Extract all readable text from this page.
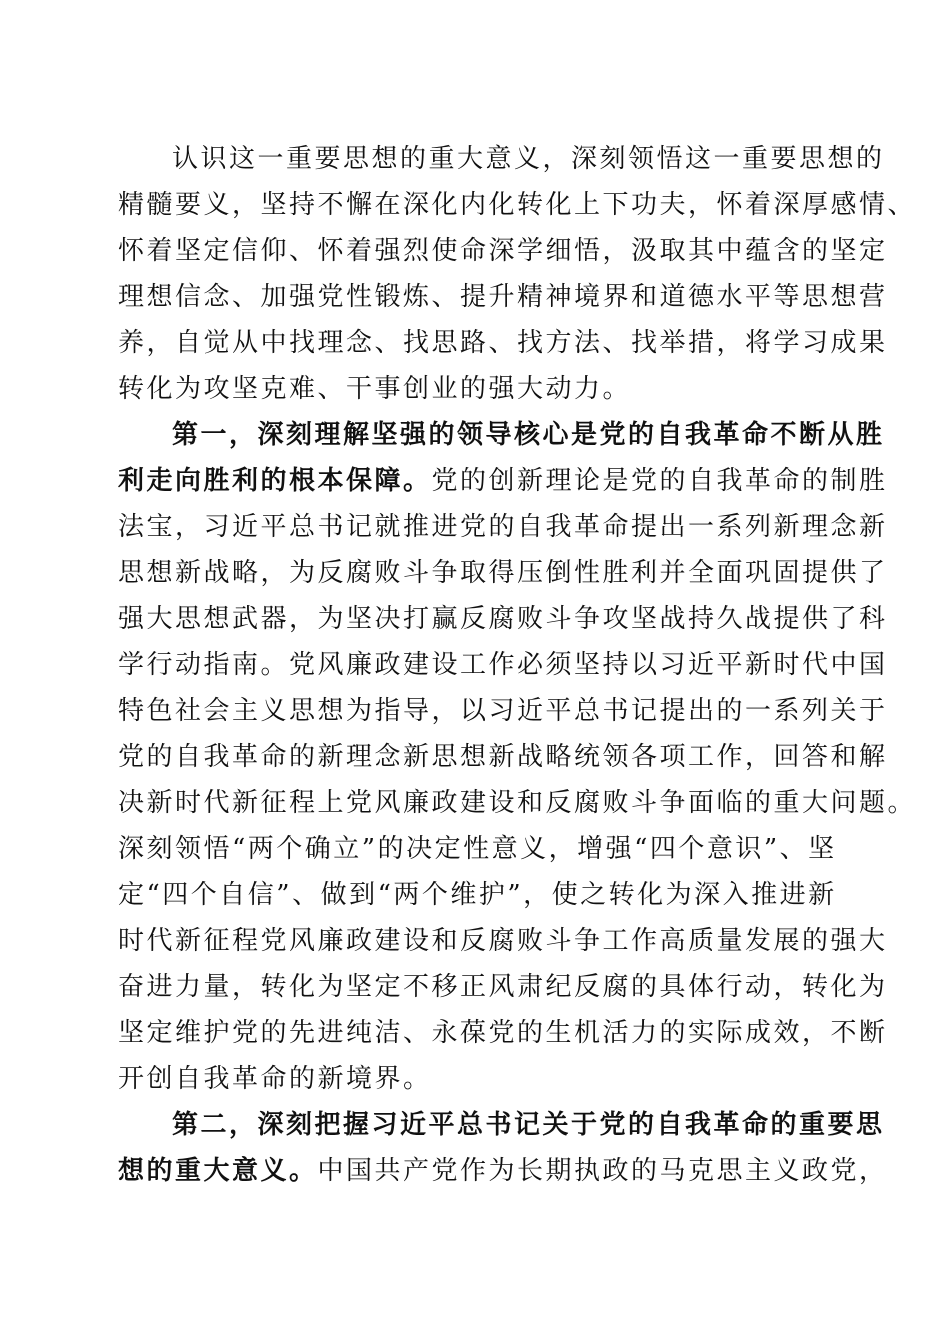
认识这一重要思想的重大意义，深刻领悟这一重要思想的
精髓要义，坚持不懈在深化内化转化上下功夫，怀着深厚感情、
怀着坚定信仰、怀着强烈使命深学细悟，汲取其中蕴含的坚定
理想信念、加强党性锻炼、提升精神境界和道德水平等思想营
养，自觉从中找理念、找思路、找方法、找举措，将学习成果
转化为攻坚克难、干事创业的强大动力。
第一，深刻理解坚强的领导核心是党的自我革命不断从胜
利走向胜利的根本保障。党的创新理论是党的自我革命的制胜
法宝，习近平总书记就推进党的自我革命提出一系列新理念新
思想新战略，为反腐败斗争取得压倒性胜利并全面巩固提供了
强大思想武器，为坚决打赢反腐败斗争攻坚战持久战提供了科
学行动指南。党风廉政建设工作必须坚持以习近平新时代中国
特色社会主义思想为指导，以习近平总书记提出的一系列关于
党的自我革命的新理念新思想新战略统领各项工作，回答和解
决新时代新征程上党风廉政建设和反腐败斗争面临的重大问题。
深刻领悟“两个确立”的决定性意义，增强“四个意识”、坚
定“四个自信”、做到“两个维护”，使之转化为深入推进新
时代新征程党风廉政建设和反腐败斗争工作高质量发展的强大
奋进力量，转化为坚定不移正风肃纪反腐的具体行动，转化为
坚定维护党的先进纯洁、永葆党的生机活力的实际成效，不断
开创自我革命的新境界。
第二，深刻把握习近平总书记关于党的自我革命的重要思
想的重大意义。中国共产党作为长期执政的马克思主义政党，
